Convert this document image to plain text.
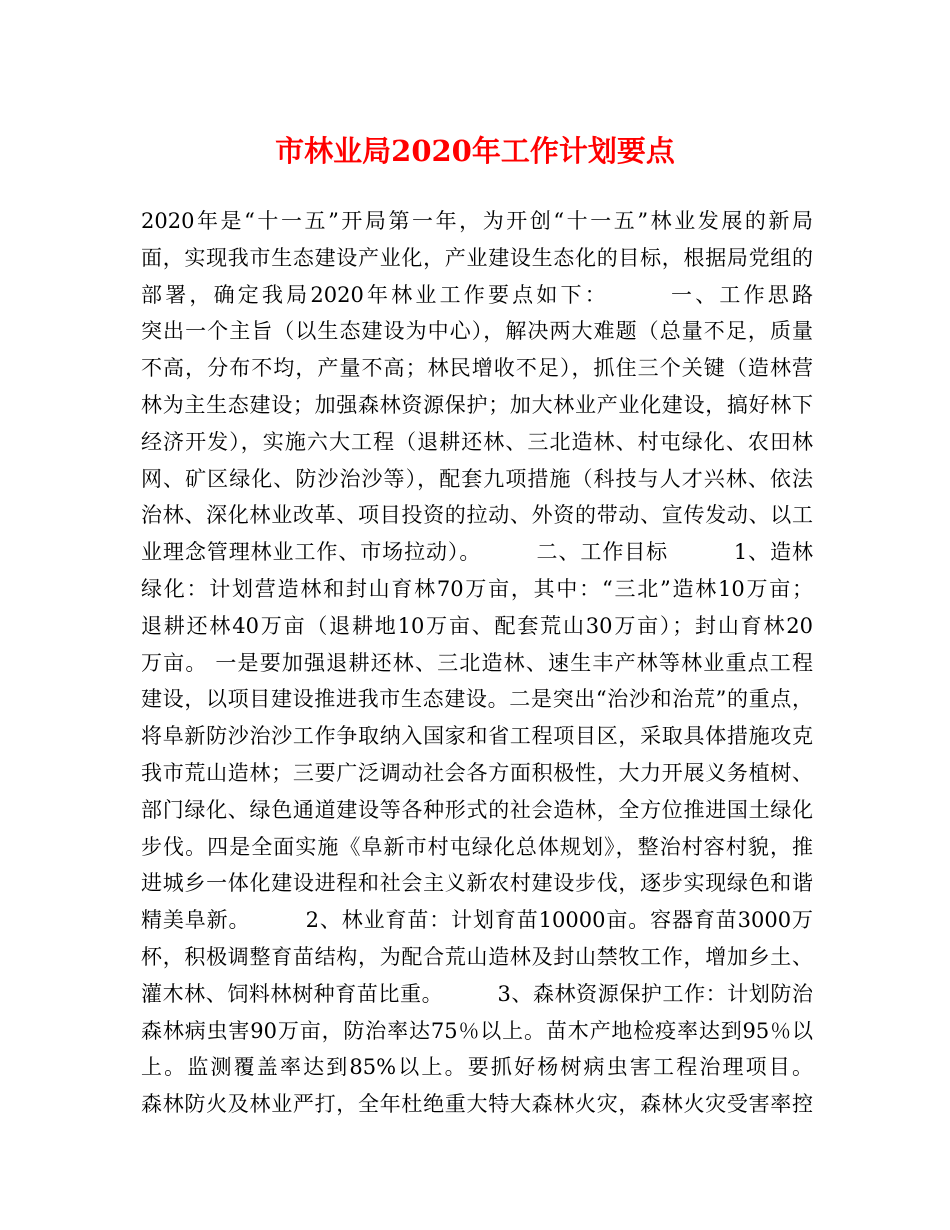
市林业局2020年工作计划要点
2020年是“十一五”开局第一年，为开创“十一五”林业发展的新局
面，实现我市生态建设产业化，产业建设生态化的目标，根据局党组的
部署，确定我局2020年林业工作要点如下：　　　一、工作思路
突出一个主旨（以生态建设为中心），解决两大难题（总量不足，质量
不高，分布不均，产量不高；林民增收不足），抓住三个关键（造林营
林为主生态建设；加强森林资源保护；加大林业产业化建设，搞好林下
经济开发），实施六大工程（退耕还林、三北造林、村屯绿化、农田林
网、矿区绿化、防沙治沙等），配套九项措施（科技与人才兴林、依法
治林、深化林业改革、项目投资的拉动、外资的带动、宣传发动、以工
业理念管理林业工作、市场拉动）。　　　二、工作目标　　　1、造林
绿化：计划营造林和封山育林70万亩，其中：“三北”造林10万亩；
退耕还林40万亩（退耕地10万亩、配套荒山30万亩）；封山育林20
万亩。 一是要加强退耕还林、三北造林、速生丰产林等林业重点工程
建设，以项目建设推进我市生态建设。二是突出“治沙和治荒”的重点，
将阜新防沙治沙工作争取纳入国家和省工程项目区，采取具体措施攻克
我市荒山造林；三要广泛调动社会各方面积极性，大力开展义务植树、
部门绿化、绿色通道建设等各种形式的社会造林，全方位推进国土绿化
步伐。四是全面实施《阜新市村屯绿化总体规划》，整治村容村貌，推
进城乡一体化建设进程和社会主义新农村建设步伐，逐步实现绿色和谐
精美阜新。　　　2、林业育苗：计划育苗10000亩。容器育苗3000万
杯，积极调整育苗结构，为配合荒山造林及封山禁牧工作，增加乡土、
灌木林、饲料林树种育苗比重。　　　3、森林资源保护工作：计划防治
森林病虫害90万亩，防治率达75％以上。苗木产地检疫率达到95％以
上。监测覆盖率达到85%以上。要抓好杨树病虫害工程治理项目。
森林防火及林业严打，全年杜绝重大特大森林火灾，森林火灾受害率控
